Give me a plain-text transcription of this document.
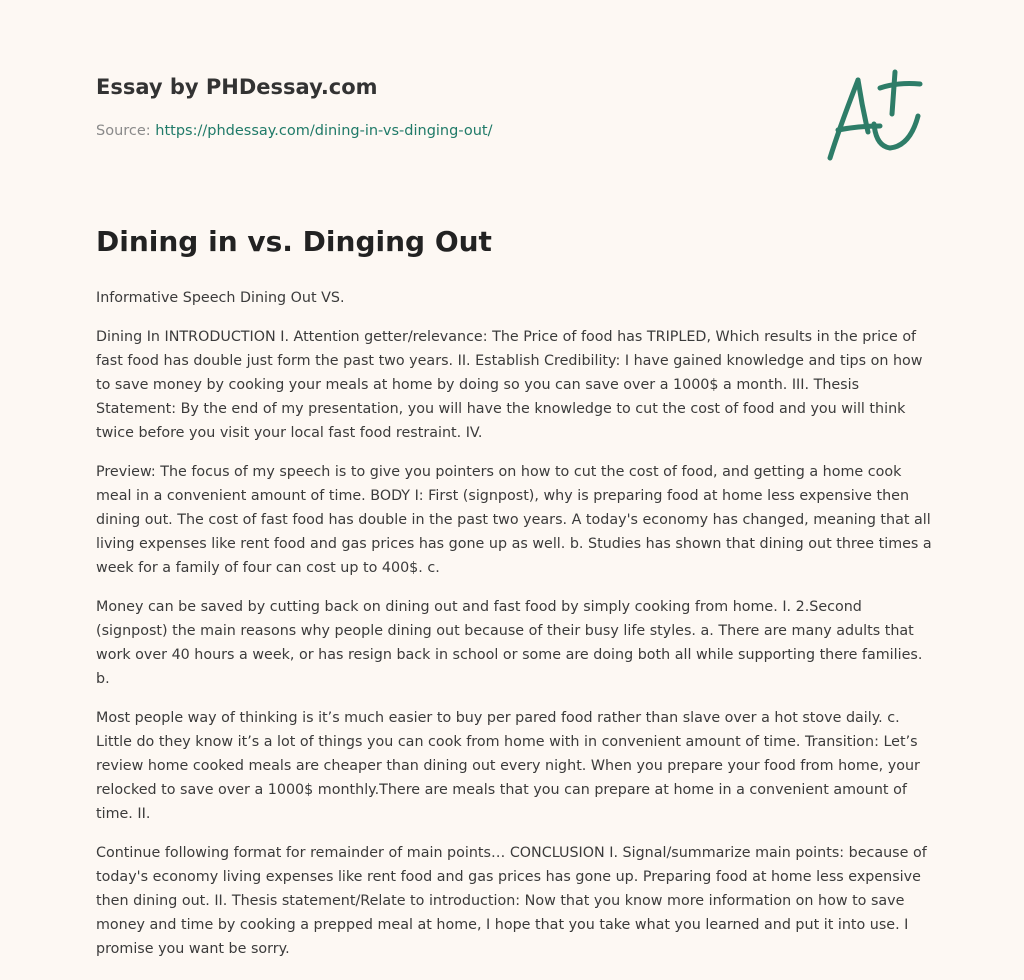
Essay by PHDessay.com
Source: https://phdessay.com/dining-in-vs-dinging-out/
Dining in vs. Dinging Out

Informative Speech Dining Out VS.

Dining In INTRODUCTION I. Attention getter/relevance: The Price of food has TRIPLED, Which results in the price of fast food has double just form the past two years. II. Establish Credibility: I have gained knowledge and tips on how to save money by cooking your meals at home by doing so you can save over a 1000$ a month. III. Thesis Statement: By the end of my presentation, you will have the knowledge to cut the cost of food and you will think twice before you visit your local fast food restraint. IV.

Preview: The focus of my speech is to give you pointers on how to cut the cost of food, and getting a home cook meal in a convenient amount of time. BODY I: First (signpost), why is preparing food at home less expensive then dining out. The cost of fast food has double in the past two years. A today's economy has changed, meaning that all living expenses like rent food and gas prices has gone up as well. b. Studies has shown that dining out three times a week for a family of four can cost up to 400$. c.

Money can be saved by cutting back on dining out and fast food by simply cooking from home. I. 2.Second (signpost) the main reasons why people dining out because of their busy life styles. a. There are many adults that work over 40 hours a week, or has resign back in school or some are doing both all while supporting there families. b.

Most people way of thinking is it’s much easier to buy per pared food rather than slave over a hot stove daily. c. Little do they know it’s a lot of things you can cook from home with in convenient amount of time. Transition: Let’s review home cooked meals are cheaper than dining out every night. When you prepare your food from home, your relocked to save over a 1000$ monthly.There are meals that you can prepare at home in a convenient amount of time. II.

Continue following format for remainder of main points… CONCLUSION I. Signal/summarize main points: because of today's economy living expenses like rent food and gas prices has gone up. Preparing food at home less expensive then dining out. II. Thesis statement/Relate to introduction: Now that you know more information on how to save money and time by cooking a prepped meal at home, I hope that you take what you learned and put it into use. I promise you want be sorry.
